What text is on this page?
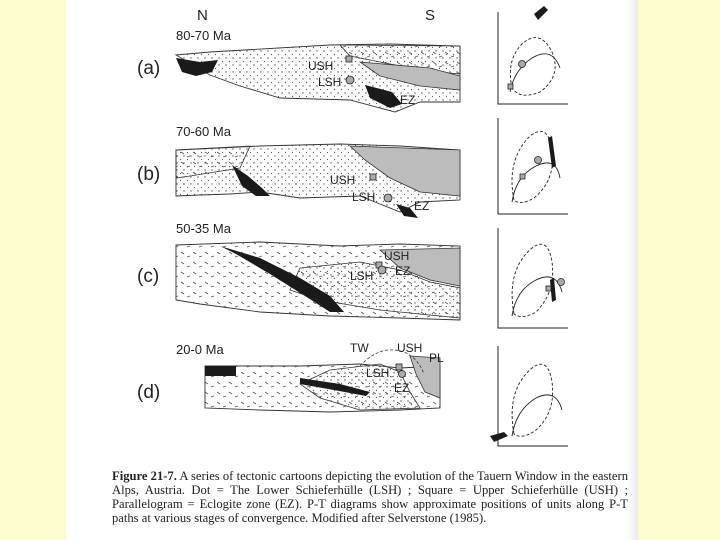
N	S
80-70 Ma
(a)	USH
LSH
EZ
70-60 Ma
(b)	USH
LSH
EZ
50-35 Ma
(c)
USH
LSH EZ
20-0 Ma
(d)
TW USH
PL
LSH
EZ

Figure 21-7. A series of tectonic cartoons depicting the evolution of the Tauern Window in the eastern Alps, Austria. Dot = The Lower Schieferhülle (LSH) ; Square = Upper Schieferhülle (USH) ; Parallelogram = Eclogite zone (EZ). P-T diagrams show approximate positions of units along P-T paths at various stages of convergence. Modified after Selverstone (1985).
